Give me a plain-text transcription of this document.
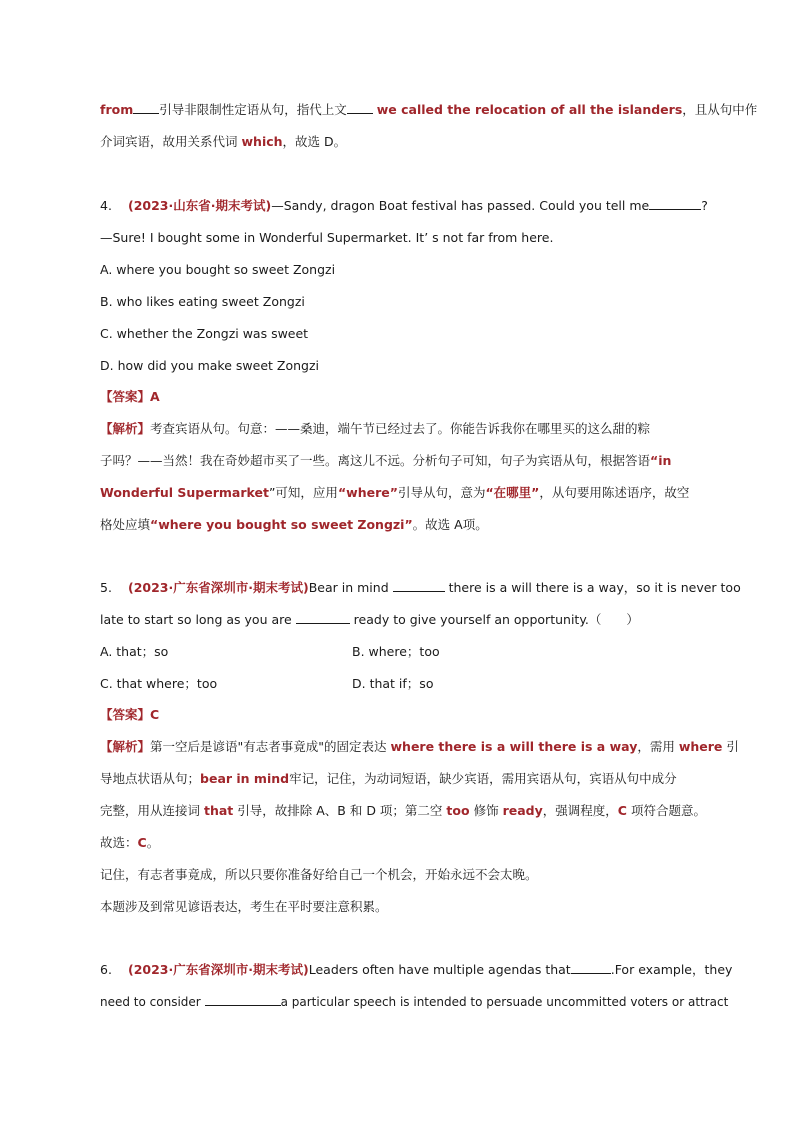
from 引导非限制性定语从句，指代上文 we called the relocation of all the islanders，且从句中作
介词宾语，故用关系代词 which，故选 D。
4. (2023·山东省·期末考试)—Sandy, dragon Boat festival has passed. Could you tell me	?
—Sure! I bought some in Wonderful Supermarket. It’ s not far from here.
A. where you bought so sweet Zongzi
B. who likes eating sweet Zongzi
C. whether the Zongzi was sweet
D. how did you make sweet Zongzi
【答案】A
【解析】考查宾语从句。句意：——桑迪，端午节已经过去了。你能告诉我你在哪里买的这么甜的粽
子吗？——当然！我在奇妙超市买了一些。离这儿不远。分析句子可知，句子为宾语从句，根据答语“in
Wonderful Supermarket”可知，应用“where”引导从句，意为“在哪里”，从句要用陈述语序，故空
格处应填“where you bought so sweet Zongzi”。故选 A项。
5. (2023·广东省深圳市·期末考试)Bear in mind	there is a will there is a way，so it is never too
late to start so long as you are	ready to give yourself an opportunity.（　　）
A. that；so	B. where；too
C. that where；too	D. that if；so
【答案】C
【解析】第一空后是谚语"有志者事竟成"的固定表达 where there is a will there is a way，需用 where 引
导地点状语从句；bear in mind牢记，记住，为动词短语，缺少宾语，需用宾语从句，宾语从句中成分
完整，用从连接词 that 引导，故排除 A、B 和 D 项；第二空 too 修饰 ready，强调程度，C 项符合题意。
故选：C。
记住，有志者事竟成，所以只要你准备好给自己一个机会，开始永远不会太晚。
本题涉及到常见谚语表达，考生在平时要注意积累。
6. (2023·广东省深圳市·期末考试)Leaders often have multiple agendas that	.For example，they
need to consider	a particular speech is intended to persuade uncommitted voters or attract
